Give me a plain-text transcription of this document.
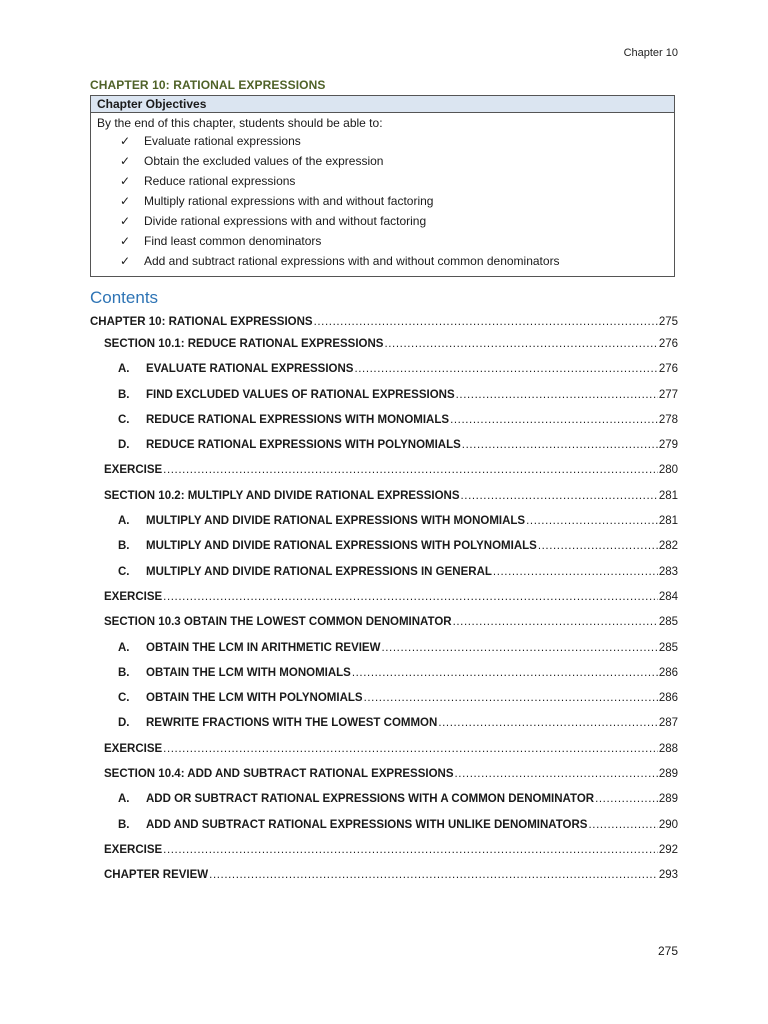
Chapter 10
CHAPTER 10: RATIONAL EXPRESSIONS
Chapter Objectives
By the end of this chapter, students should be able to:
✓	Evaluate rational expressions
✓	Obtain the excluded values of the expression
✓	Reduce rational expressions
✓	Multiply rational expressions with and without factoring
✓	Divide rational expressions with and without factoring
✓	Find least common denominators
✓	Add and subtract rational expressions with and without common denominators
Contents
CHAPTER 10: RATIONAL EXPRESSIONS .....	275
SECTION 10.1: REDUCE RATIONAL EXPRESSIONS .....	276
A. EVALUATE RATIONAL EXPRESSIONS .....	276
B. FIND EXCLUDED VALUES OF RATIONAL EXPRESSIONS .....	277
C. REDUCE RATIONAL EXPRESSIONS WITH MONOMIALS .....	278
D. REDUCE RATIONAL EXPRESSIONS WITH POLYNOMIALS .....	279
EXERCISE .....	280
SECTION 10.2: MULTIPLY AND DIVIDE RATIONAL EXPRESSIONS .....	281
A. MULTIPLY AND DIVIDE RATIONAL EXPRESSIONS WITH MONOMIALS .....	281
B. MULTIPLY AND DIVIDE RATIONAL EXPRESSIONS WITH POLYNOMIALS .....	282
C. MULTIPLY AND DIVIDE RATIONAL EXPRESSIONS IN GENERAL .....	283
EXERCISE .....	284
SECTION 10.3 OBTAIN THE LOWEST COMMON DENOMINATOR .....	285
A. OBTAIN THE LCM IN ARITHMETIC REVIEW .....	285
B. OBTAIN THE LCM WITH MONOMIALS .....	286
C. OBTAIN THE LCM WITH POLYNOMIALS .....	286
D. REWRITE FRACTIONS WITH THE LOWEST COMMON .....	287
EXERCISE .....	288
SECTION 10.4: ADD AND SUBTRACT RATIONAL EXPRESSIONS .....	289
A. ADD OR SUBTRACT RATIONAL EXPRESSIONS WITH A COMMON DENOMINATOR .....	289
B. ADD AND SUBTRACT RATIONAL EXPRESSIONS WITH UNLIKE DENOMINATORS .....	290
EXERCISE .....	292
CHAPTER REVIEW .....	293
275
